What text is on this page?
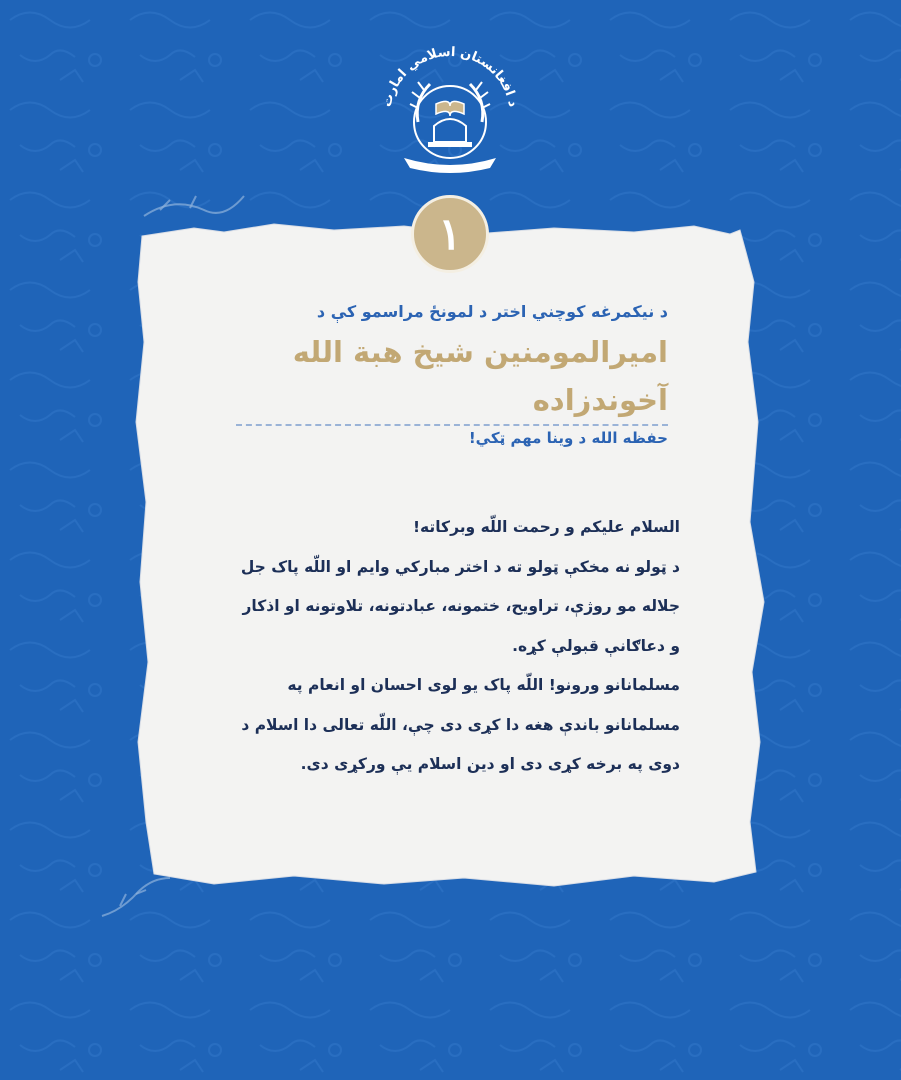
د افغانستان اسلامي امارت
۱
د نيکمرغه کوچني اختر د لمونځ مراسمو کې د
اميرالمومنين شيخ هبة الله آخوندزاده
حفظه الله د وينا مهم ټکي!
السلام عليکم و رحمت اللّه وبرکاته!
د ټولو نه مخکې ټولو ته د اختر مبارکي وايم او اللّه پاک جل
جلاله مو روژې، تراويح، ختمونه، عبادتونه، تلاوتونه او اذکار
و دعاګانې قبولې کړه.
مسلمانانو ورونو! اللّه پاک يو لوی احسان او انعام په
مسلمانانو باندې هغه دا کړی دی چې، اللّه تعالی دا اسلام د
دوی په برخه کړی دی او دين اسلام يې ورکړی دی.
